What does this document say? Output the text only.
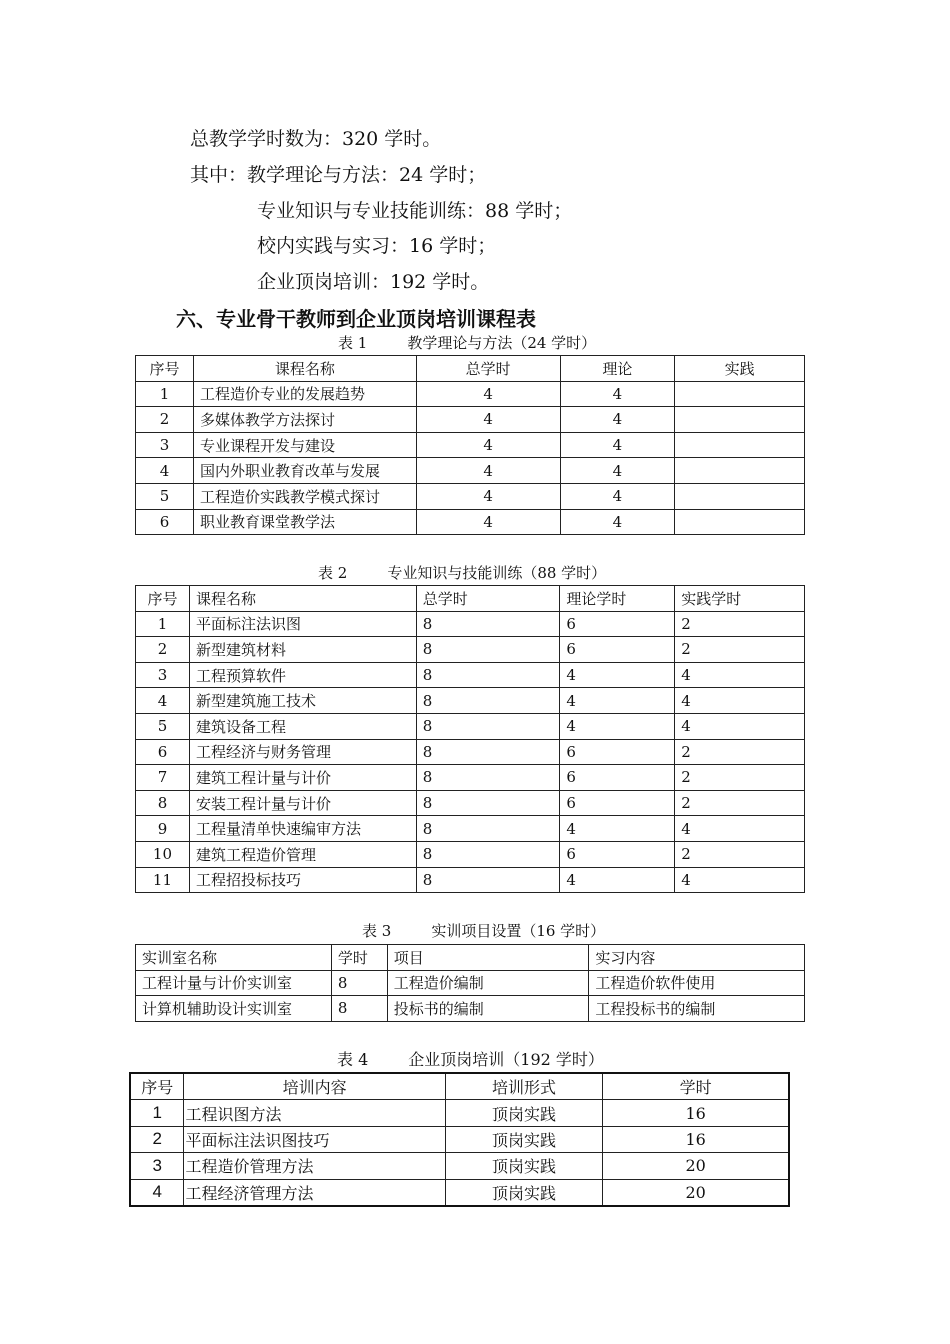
总教学学时数为：320 学时。
其中：教学理论与方法：24 学时；
专业知识与专业技能训练：88 学时；
校内实践与实习：16 学时；
企业顶岗培训：192 学时。
六、专业骨干教师到企业顶岗培训课程表
表 1	教学理论与方法（24 学时）
序号	课程名称	总学时	理论	实践
1	工程造价专业的发展趋势	4	4	
2	多媒体教学方法探讨	4	4	
3	专业课程开发与建设	4	4	
4	国内外职业教育改革与发展	4	4	
5	工程造价实践教学模式探讨	4	4	
6	职业教育课堂教学法	4	4	
表 2	专业知识与技能训练（88 学时）
序号	课程名称	总学时	理论学时	实践学时
1	平面标注法识图	8	6	2
2	新型建筑材料	8	6	2
3	工程预算软件	8	4	4
4	新型建筑施工技术	8	4	4
5	建筑设备工程	8	4	4
6	工程经济与财务管理	8	6	2
7	建筑工程计量与计价	8	6	2
8	安装工程计量与计价	8	6	2
9	工程量清单快速编审方法	8	4	4
10	建筑工程造价管理	8	6	2
11	工程招投标技巧	8	4	4
表 3	实训项目设置（16 学时）
实训室名称	学时	项目	实习内容
工程计量与计价实训室	8	工程造价编制	工程造价软件使用
计算机辅助设计实训室	8	投标书的编制	工程投标书的编制
表 4	企业顶岗培训（192 学时）
序号	培训内容	培训形式	学时
1	工程识图方法	顶岗实践	16
2	平面标注法识图技巧	顶岗实践	16
3	工程造价管理方法	顶岗实践	20
4	工程经济管理方法	顶岗实践	20
